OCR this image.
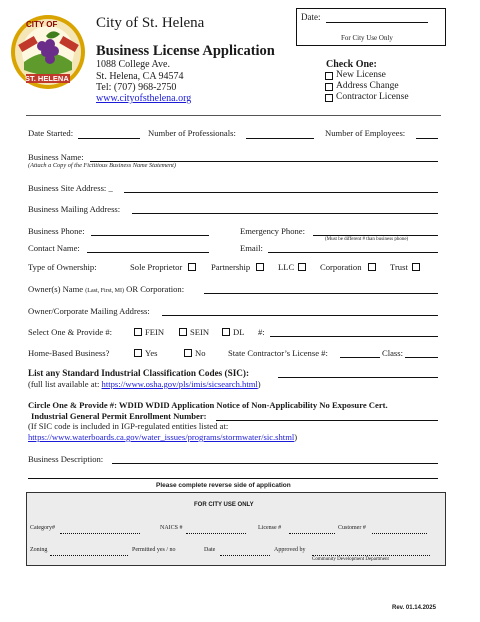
CITY OF
ST. HELENA
City of St. Helena
Business License Application
1088 College Ave.
St. Helena, CA 94574
Tel: (707) 968-2750
www.cityofsthelena.org
Date:
For City Use Only
Check One:
New License
Address Change
Contractor License
Date Started:	Number of Professionals:	Number of Employees:
Business Name:
(Attach a Copy of the Fictitious Business Name Statement)
Business Site Address: _
Business Mailing Address:
Business Phone:	Emergency Phone:
(Must be different # than business phone)
Contact Name:	Email:
Type of Ownership:	Sole Proprietor	Partnership	LLC	Corporation	Trust
Owner(s) Name (Last, First, MI) OR Corporation:
Owner/Corporate Mailing Address:
Select One & Provide #:	FEIN	SEIN	DL #:
Home-Based Business?	Yes	No	State Contractor’s License #:	Class:
List any Standard Industrial Classification Codes (SIC):
(full list available at: https://www.osha.gov/pls/imis/sicsearch.html)
Circle One & Provide #: WDID WDID Application Notice of Non-Applicability No Exposure Cert.
Industrial General Permit Enrollment Number:
(If SIC code is included in IGP-regulated entities listed at:
https://www.waterboards.ca.gov/water_issues/programs/stormwater/sic.shtml)
Business Description:
Please complete reverse side of application
FOR CITY USE ONLY
Category#	NAICS #	License #	Customer #
Zoning	Permitted yes / no	Date	Approved by
Community Development Department
Rev. 01.14.2025
